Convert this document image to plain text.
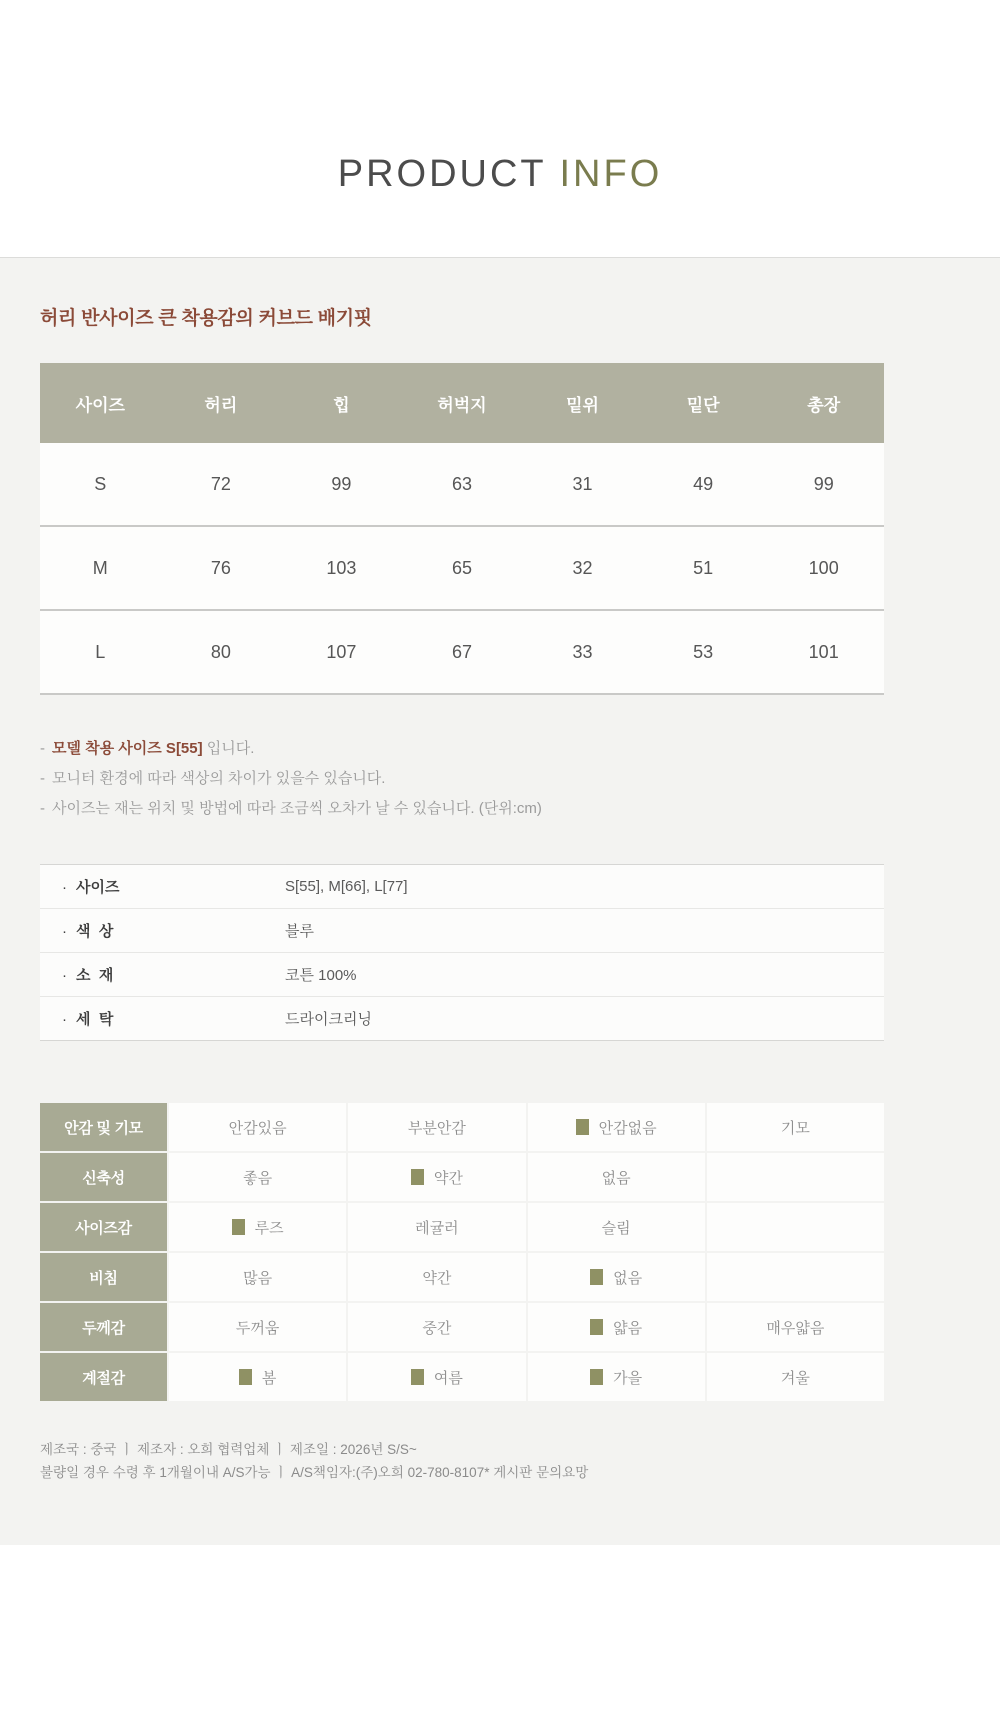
PRODUCT INFO

허리 반사이즈 큰 착용감의 커브드 배기핏

사이즈	허리	힙	허벅지	밑위	밑단	총장
S	72	99	63	31	49	99
M	76	103	65	32	51	100
L	80	107	67	33	53	101
- 모델 착용 사이즈 S[55] 입니다.
- 모니터 환경에 따라 색상의 차이가 있을수 있습니다.
- 사이즈는 재는 위치 및 방법에 따라 조금씩 오차가 날 수 있습니다. (단위:cm)
· 사이즈	S[55], M[66], L[77]
· 색  상	블루
· 소  재	코튼 100%
· 세  탁	드라이크리닝
안감 및 기모	안감있음	부분안감	안감없음	기모
신축성	좋음	약간	없음
사이즈감	루즈	레귤러	슬림
비침	많음	약간	없음
두께감	두꺼움	중간	얇음	매우얇음
계절감	봄	여름	가을	겨울
제조국 : 중국 ㅣ 제조자 : 오희 협력업체 ㅣ 제조일 : 2026년 S/S~
불량일 경우 수령 후 1개월이내 A/S가능 ㅣ A/S책임자:(주)오희 02-780-8107* 게시판 문의요망
